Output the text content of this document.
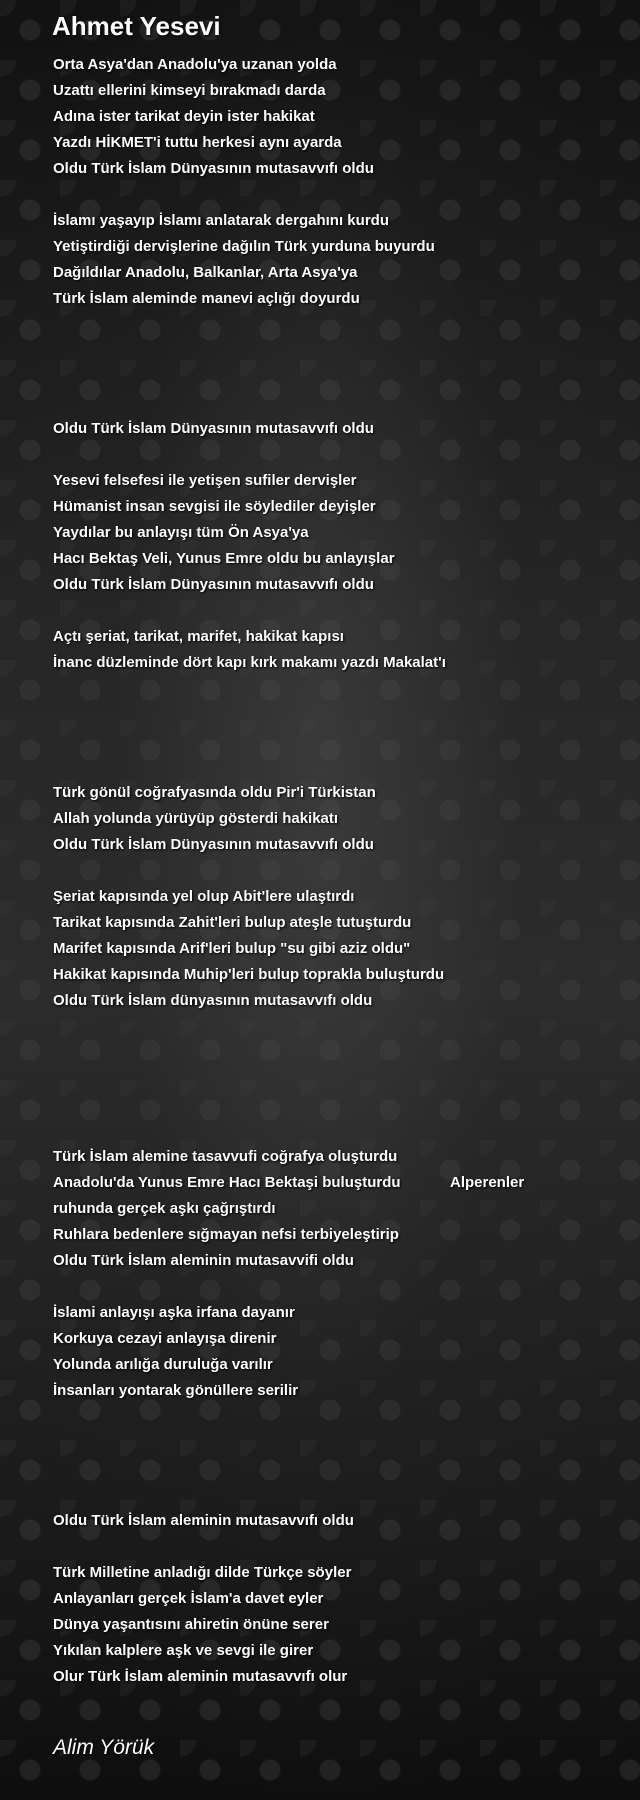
Ahmet Yesevi
Orta Asya'dan Anadolu'ya uzanan yolda
Uzattı ellerini kimseyi bırakmadı darda
Adına ister tarikat deyin ister hakikat
Yazdı HİKMET'i tuttu herkesi aynı ayarda
Oldu Türk İslam Dünyasının mutasavvıfı oldu
İslamı yaşayıp İslamı anlatarak dergahını kurdu
Yetiştirdiği dervişlerine dağılın Türk yurduna buyurdu
Dağıldılar Anadolu, Balkanlar, Arta Asya'ya
Türk İslam aleminde manevi açlığı doyurdu
Oldu Türk İslam Dünyasının mutasavvıfı oldu
Yesevi felsefesi ile yetişen sufiler dervişler
Hümanist insan sevgisi ile söylediler deyişler
Yaydılar bu anlayışı tüm Ön Asya'ya
Hacı Bektaş Veli, Yunus Emre oldu bu anlayışlar
Oldu Türk İslam Dünyasının mutasavvıfı oldu
Açtı şeriat, tarikat, marifet, hakikat kapısı
İnanc düzleminde dört kapı kırk makamı yazdı Makalat'ı
Türk gönül coğrafyasında oldu Pir'i Türkistan
Allah yolunda yürüyüp gösterdi hakikatı
Oldu Türk İslam Dünyasının mutasavvıfı oldu
Şeriat kapısında yel olup Abit'lere ulaştırdı
Tarikat kapısında Zahit'leri bulup ateşle tutuşturdu
Marifet kapısında Arif'leri bulup "su gibi aziz oldu"
Hakikat kapısında Muhip'leri bulup toprakla buluşturdu
Oldu Türk İslam dünyasının mutasavvıfı oldu
Türk İslam alemine tasavvufi coğrafya oluşturdu
Anadolu'da Yunus Emre Hacı Bektaşi buluşturdu            Alperenler
ruhunda gerçek aşkı çağrıştırdı
Ruhlara bedenlere sığmayan nefsi terbiyeleştirip
Oldu Türk İslam aleminin mutasavvifi oldu
İslami anlayışı aşka irfana dayanır
Korkuya cezayi anlayışa direnir
Yolunda arılığa duruluğa varılır
İnsanları yontarak gönüllere serilir
Oldu Türk İslam aleminin mutasavvıfı oldu
Türk Milletine anladığı dilde Türkçe söyler
Anlayanları gerçek İslam'a davet eyler
Dünya yaşantısını ahiretin önüne serer
Yıkılan kalplere aşk ve sevgi ile girer
Olur Türk İslam aleminin mutasavvıfı olur
Alim Yörük
